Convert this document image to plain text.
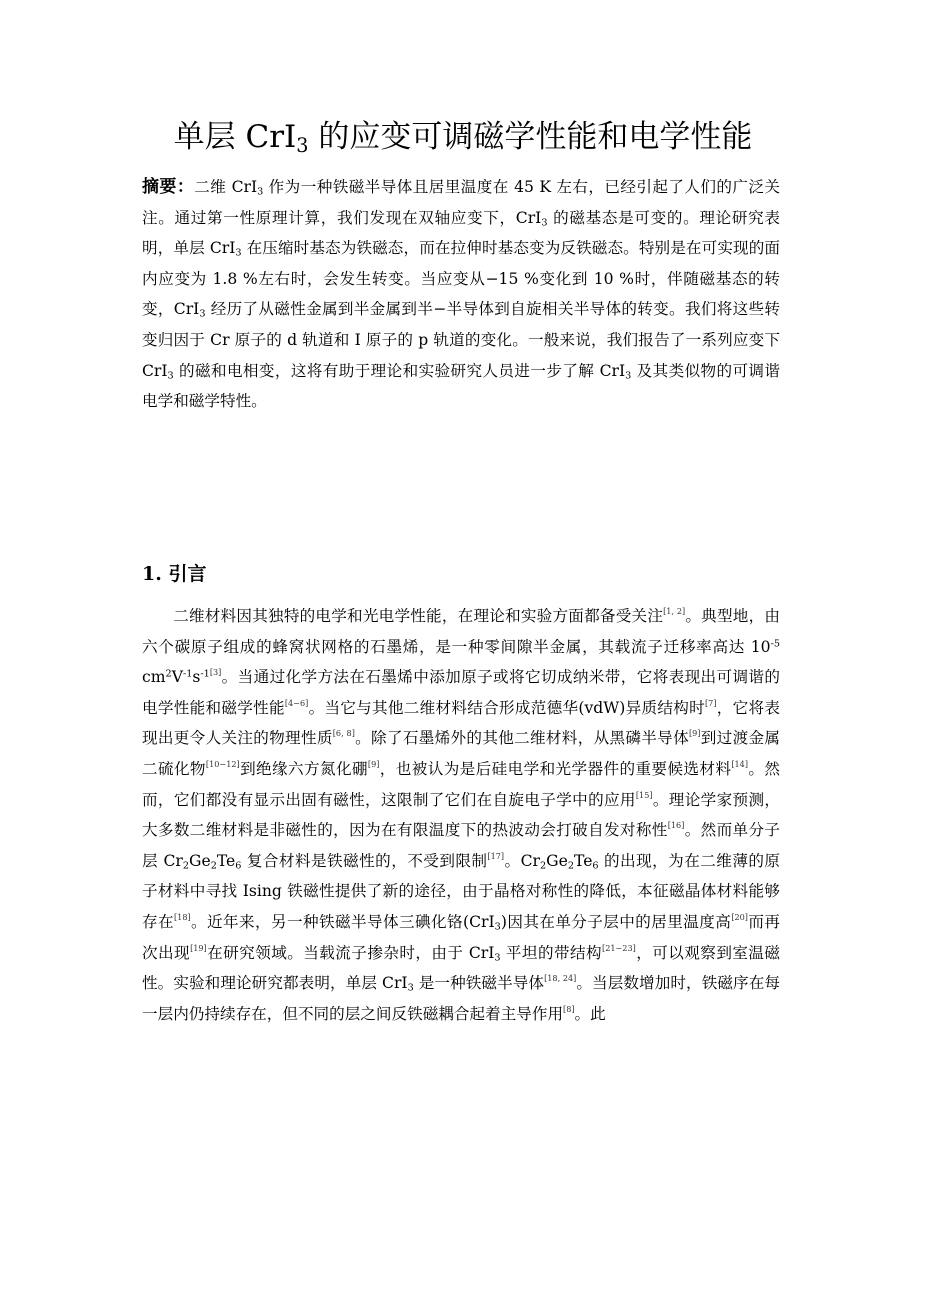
单层 CrI$_3$ 的应变可调磁学性能和电学性能

摘要：二维 CrI$_3$ 作为一种铁磁半导体且居里温度在 45 K 左右，已经引起了人们的广泛关注。通过第一性原理计算，我们发现在双轴应变下，CrI$_3$ 的磁基态是可变的。理论研究表明，单层 CrI$_3$ 在压缩时基态为铁磁态，而在拉伸时基态变为反铁磁态。特别是在可实现的面内应变为 1.8 %左右时，会发生转变。当应变从−15 %变化到 10 %时，伴随磁基态的转变，CrI$_3$ 经历了从磁性金属到半金属到半−半导体到自旋相关半导体的转变。我们将这些转变归因于 Cr 原子的 d 轨道和 I 原子的 p 轨道的变化。一般来说，我们报告了一系列应变下 CrI$_3$ 的磁和电相变，这将有助于理论和实验研究人员进一步了解 CrI$_3$ 及其类似物的可调谐电学和磁学特性。

1. 引言

二维材料因其独特的电学和光电学性能，在理论和实验方面都备受关注[1, 2]。典型地，由六个碳原子组成的蜂窝状网格的石墨烯，是一种零间隙半金属，其载流子迁移率高达 $10^{-5}$ $cm^2V^{-1}s^{-1[3]}$。当通过化学方法在石墨烯中添加原子或将它切成纳米带，它将表现出可调谐的电学性能和磁学性能[4−6]。当它与其他二维材料结合形成范德华(vdW)异质结构时[7]，它将表现出更令人关注的物理性质[6, 8]。除了石墨烯外的其他二维材料，从黑磷半导体[9]到过渡金属二硫化物[10−12]到绝缘六方氮化硼[9]，也被认为是后硅电学和光学器件的重要候选材料[14]。然而，它们都没有显示出固有磁性，这限制了它们在自旋电子学中的应用[15]。理论学家预测，大多数二维材料是非磁性的，因为在有限温度下的热波动会打破自发对称性[16]。然而单分子层 $Cr_2Ge_2Te_6$ 复合材料是铁磁性的，不受到限制[17]。$Cr_2Ge_2Te_6$ 的出现，为在二维薄的原子材料中寻找 Ising 铁磁性提供了新的途径，由于晶格对称性的降低，本征磁晶体材料能够存在[18]。近年来，另一种铁磁半导体三碘化铬(CrI$_3$)因其在单分子层中的居里温度高[20]而再次出现[19]在研究领域。当载流子掺杂时，由于 CrI$_3$ 平坦的带结构[21−23]，可以观察到室温磁性。实验和理论研究都表明，单层 CrI$_3$ 是一种铁磁半导体[18, 24]。当层数增加时，铁磁序在每一层内仍持续存在，但不同的层之间反铁磁耦合起着主导作用[8]。此
